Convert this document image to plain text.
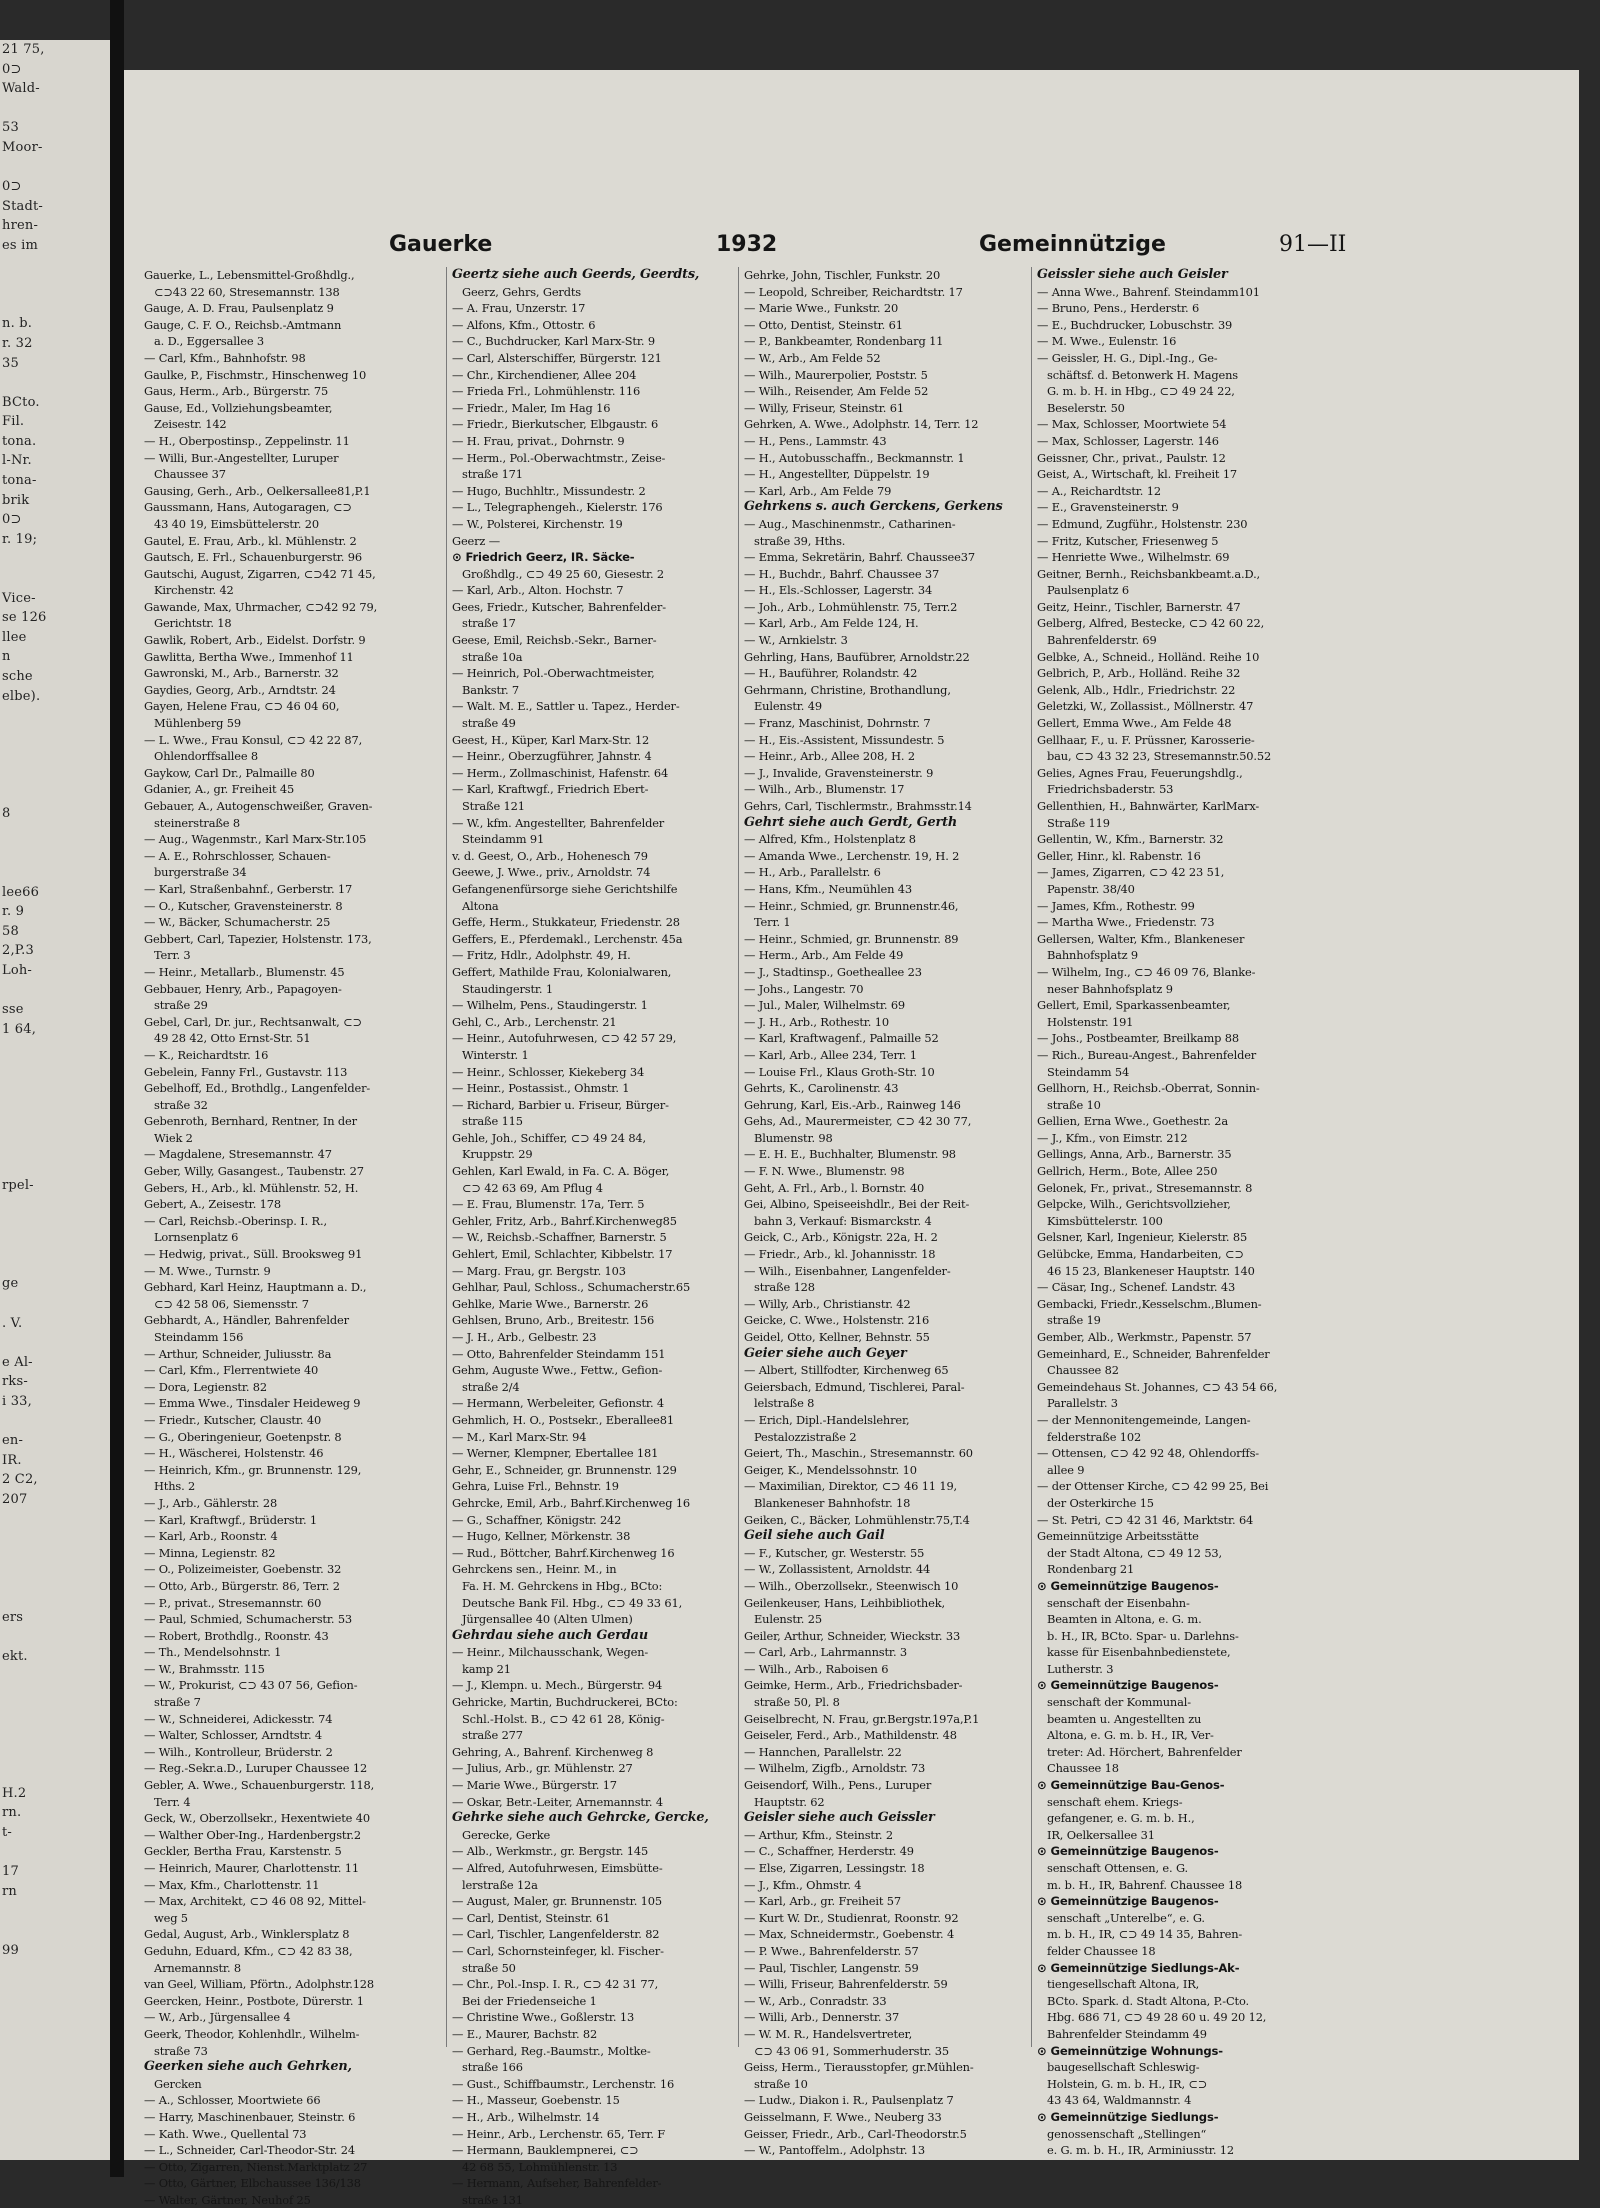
21 75,
0⊃
Wald-

53
Moor-

0⊃
Stadt-
hren-
es im

n. b.
r. 32
35

BCto.
Fil.
tona.
l-Nr.
tona-
brik
0⊃
r. 19;

Vice-
se 126
llee
n
sche
elbe).

8

lee66
r. 9
58
2,P.3
Loh-

sse
1 64,

rpel-

ge

. V.

e Al-
rks-
i 33,

en-
IR.
2 C2,
207

ers

ekt.

H.2
rn.
t-

17
rn

99
Gauerke	1932	Gemeinnützige	91—II
Gauerke, L., Lebensmittel-Großhdlg.,
⊂⊃43 22 60, Stresemannstr. 138
Gauge, A. D. Frau, Paulsenplatz 9
Gauge, C. F. O., Reichsb.-Amtmann
a. D., Eggersallee 3
— Carl, Kfm., Bahnhofstr. 98
Gaulke, P., Fischmstr., Hinschenweg 10
Gaus, Herm., Arb., Bürgerstr. 75
Gause, Ed., Vollziehungsbeamter,
Zeisestr. 142
— H., Oberpostinsp., Zeppelinstr. 11
— Willi, Bur.-Angestellter, Luruper
Chaussee 37
Gausing, Gerh., Arb., Oelkersallee81,P.1
Gaussmann, Hans, Autogaragen, ⊂⊃
43 40 19, Eimsbüttelerstr. 20
Gautel, E. Frau, Arb., kl. Mühlenstr. 2
Gautsch, E. Frl., Schauenburgerstr. 96
Gautschi, August, Zigarren, ⊂⊃42 71 45,
Kirchenstr. 42
Gawande, Max, Uhrmacher, ⊂⊃42 92 79,
Gerichtstr. 18
Gawlik, Robert, Arb., Eidelst. Dorfstr. 9
Gawlitta, Bertha Wwe., Immenhof 11
Gawronski, M., Arb., Barnerstr. 32
Gaydies, Georg, Arb., Arndtstr. 24
Gayen, Helene Frau, ⊂⊃ 46 04 60,
Mühlenberg 59
— L. Wwe., Frau Konsul, ⊂⊃ 42 22 87,
Ohlendorffsallee 8
Gaykow, Carl Dr., Palmaille 80
Gdanier, A., gr. Freiheit 45
Gebauer, A., Autogenschweißer, Graven-
steinerstraße 8
— Aug., Wagenmstr., Karl Marx-Str.105
— A. E., Rohrschlosser, Schauen-
burgerstraße 34
— Karl, Straßenbahnf., Gerberstr. 17
— O., Kutscher, Gravensteinerstr. 8
— W., Bäcker, Schumacherstr. 25
Gebbert, Carl, Tapezier, Holstenstr. 173,
Terr. 3
— Heinr., Metallarb., Blumenstr. 45
Gebbauer, Henry, Arb., Papagoyen-
straße 29
Gebel, Carl, Dr. jur., Rechtsanwalt, ⊂⊃
49 28 42, Otto Ernst-Str. 51
— K., Reichardtstr. 16
Gebelein, Fanny Frl., Gustavstr. 113
Gebelhoff, Ed., Brothdlg., Langenfelder-
straße 32
Gebenroth, Bernhard, Rentner, In der
Wiek 2
— Magdalene, Stresemannstr. 47
Geber, Willy, Gasangest., Taubenstr. 27
Gebers, H., Arb., kl. Mühlenstr. 52, H.
Gebert, A., Zeisestr. 178
— Carl, Reichsb.-Oberinsp. I. R.,
Lornsenplatz 6
— Hedwig, privat., Süll. Brooksweg 91
— M. Wwe., Turnstr. 9
Gebhard, Karl Heinz, Hauptmann a. D.,
⊂⊃ 42 58 06, Siemensstr. 7
Gebhardt, A., Händler, Bahrenfelder
Steindamm 156
— Arthur, Schneider, Juliusstr. 8a
— Carl, Kfm., Flerrentwiete 40
— Dora, Legienstr. 82
— Emma Wwe., Tinsdaler Heideweg 9
— Friedr., Kutscher, Claustr. 40
— G., Oberingenieur, Goetenpstr. 8
— H., Wäscherei, Holstenstr. 46
— Heinrich, Kfm., gr. Brunnenstr. 129,
Hths. 2
— J., Arb., Gählerstr. 28
— Karl, Kraftwgf., Brüderstr. 1
— Karl, Arb., Roonstr. 4
— Minna, Legienstr. 82
— O., Polizeimeister, Goebenstr. 32
— Otto, Arb., Bürgerstr. 86, Terr. 2
— P., privat., Stresemannstr. 60
— Paul, Schmied, Schumacherstr. 53
— Robert, Brothdlg., Roonstr. 43
— Th., Mendelsohnstr. 1
— W., Brahmsstr. 115
— W., Prokurist, ⊂⊃ 43 07 56, Gefion-
straße 7
— W., Schneiderei, Adickesstr. 74
— Walter, Schlosser, Arndtstr. 4
— Wilh., Kontrolleur, Brüderstr. 2
— Reg.-Sekr.a.D., Luruper Chaussee 12
Gebler, A. Wwe., Schauenburgerstr. 118,
Terr. 4
Geck, W., Oberzollsekr., Hexentwiete 40
— Walther Ober-Ing., Hardenbergstr.2
Geckler, Bertha Frau, Karstenstr. 5
— Heinrich, Maurer, Charlottenstr. 11
— Max, Kfm., Charlottenstr. 11
— Max, Architekt, ⊂⊃ 46 08 92, Mittel-
weg 5
Gedal, August, Arb., Winklersplatz 8
Geduhn, Eduard, Kfm., ⊂⊃ 42 83 38,
Arnemannstr. 8
van Geel, William, Pförtn., Adolphstr.128
Geercken, Heinr., Postbote, Dürerstr. 1
— W., Arb., Jürgensallee 4
Geerk, Theodor, Kohlenhdlr., Wilhelm-
straße 73
Geerken siehe auch Gehrken,
Gercken
— A., Schlosser, Moortwiete 66
— Harry, Maschinenbauer, Steinstr. 6
— Kath. Wwe., Quellental 73
— L., Schneider, Carl-Theodor-Str. 24
— Otto, Zigarren, Nienst.Marktplatz 27
— Otto, Gärtner, Elbchaussee 136/138
— Walter, Gärtner, Neuhof 25
Geertz siehe auch Geerds, Geerdts,
Geerz, Gehrs, Gerdts
— A. Frau, Unzerstr. 17
— Alfons, Kfm., Ottostr. 6
— C., Buchdrucker, Karl Marx-Str. 9
— Carl, Alsterschiffer, Bürgerstr. 121
— Chr., Kirchendiener, Allee 204
— Frieda Frl., Lohmühlenstr. 116
— Friedr., Maler, Im Hag 16
— Friedr., Bierkutscher, Elbgaustr. 6
— H. Frau, privat., Dohrnstr. 9
— Herm., Pol.-Oberwachtmstr., Zeise-
straße 171
— Hugo, Buchhltr., Missundestr. 2
— L., Telegraphengeh., Kielerstr. 176
— W., Polsterei, Kirchenstr. 19
Geerz —
⊙ Friedrich Geerz, IR. Säcke-
Großhdlg., ⊂⊃ 49 25 60, Giesestr. 2
— Karl, Arb., Alton. Hochstr. 7
Gees, Friedr., Kutscher, Bahrenfelder-
straße 17
Geese, Emil, Reichsb.-Sekr., Barner-
straße 10a
— Heinrich, Pol.-Oberwachtmeister,
Bankstr. 7
— Walt. M. E., Sattler u. Tapez., Herder-
straße 49
Geest, H., Küper, Karl Marx-Str. 12
— Heinr., Oberzugführer, Jahnstr. 4
— Herm., Zollmaschinist, Hafenstr. 64
— Karl, Kraftwgf., Friedrich Ebert-
Straße 121
— W., kfm. Angestellter, Bahrenfelder
Steindamm 91
v. d. Geest, O., Arb., Hohenesch 79
Geewe, J. Wwe., priv., Arnoldstr. 74
Gefangenenfürsorge siehe Gerichtshilfe
Altona
Geffe, Herm., Stukkateur, Friedenstr. 28
Geffers, E., Pferdemakl., Lerchenstr. 45a
— Fritz, Hdlr., Adolphstr. 49, H.
Geffert, Mathilde Frau, Kolonialwaren,
Staudingerstr. 1
— Wilhelm, Pens., Staudingerstr. 1
Gehl, C., Arb., Lerchenstr. 21
— Heinr., Autofuhrwesen, ⊂⊃ 42 57 29,
Winterstr. 1
— Heinr., Schlosser, Kiekeberg 34
— Heinr., Postassist., Ohmstr. 1
— Richard, Barbier u. Friseur, Bürger-
straße 115
Gehle, Joh., Schiffer, ⊂⊃ 49 24 84,
Kruppstr. 29
Gehlen, Karl Ewald, in Fa. C. A. Böger,
⊂⊃ 42 63 69, Am Pflug 4
— E. Frau, Blumenstr. 17a, Terr. 5
Gehler, Fritz, Arb., Bahrf.Kirchenweg85
— W., Reichsb.-Schaffner, Barnerstr. 5
Gehlert, Emil, Schlachter, Kibbelstr. 17
— Marg. Frau, gr. Bergstr. 103
Gehlhar, Paul, Schloss., Schumacherstr.65
Gehlke, Marie Wwe., Barnerstr. 26
Gehlsen, Bruno, Arb., Breitestr. 156
— J. H., Arb., Gelbestr. 23
— Otto, Bahrenfelder Steindamm 151
Gehm, Auguste Wwe., Fettw., Gefion-
straße 2/4
— Hermann, Werbeleiter, Gefionstr. 4
Gehmlich, H. O., Postsekr., Eberalleе81
— M., Karl Marx-Str. 94
— Werner, Klempner, Ebertallee 181
Gehr, E., Schneider, gr. Brunnenstr. 129
Gehra, Luise Frl., Behnstr. 19
Gehrcke, Emil, Arb., Bahrf.Kirchenweg 16
— G., Schaffner, Königstr. 242
— Hugo, Kellner, Mörkenstr. 38
— Rud., Böttcher, Bahrf.Kirchenweg 16
Gehrckens sen., Heinr. M., in
Fa. H. M. Gehrckens in Hbg., BCto:
Deutsche Bank Fil. Hbg., ⊂⊃ 49 33 61,
Jürgensallee 40 (Alten Ulmen)
Gehrdau siehe auch Gerdau
— Heinr., Milchausschank, Wegen-
kamp 21
— J., Klempn. u. Mech., Bürgerstr. 94
Gehricke, Martin, Buchdruckerei, BCto:
Schl.-Holst. B., ⊂⊃ 42 61 28, König-
straße 277
Gehring, A., Bahrenf. Kirchenweg 8
— Julius, Arb., gr. Mühlenstr. 27
— Marie Wwe., Bürgerstr. 17
— Oskar, Betr.-Leiter, Arnemannstr. 4
Gehrke siehe auch Gehrcke, Gercke,
Gerecke, Gerke
— Alb., Werkmstr., gr. Bergstr. 145
— Alfred, Autofuhrwesen, Eimsbütte-
lerstraße 12a
— August, Maler, gr. Brunnenstr. 105
— Carl, Dentist, Steinstr. 61
— Carl, Tischler, Langenfelderstr. 82
— Carl, Schornsteinfeger, kl. Fischer-
straße 50
— Chr., Pol.-Insp. I. R., ⊂⊃ 42 31 77,
Bei der Friedenseiche 1
— Christine Wwe., Goßlerstr. 13
— E., Maurer, Bachstr. 82
— Gerhard, Reg.-Baumstr., Moltke-
straße 166
— Gust., Schiffbaumstr., Lerchenstr. 16
— H., Masseur, Goebenstr. 15
— H., Arb., Wilhelmstr. 14
— Heinr., Arb., Lerchenstr. 65, Terr. F
— Hermann, Bauklempnerei, ⊂⊃
42 68 55, Lohmühlenstr. 13
— Hermann, Aufseher, Bahrenfelder-
straße 131
Gehrke, John, Tischler, Funkstr. 20
— Leopold, Schreiber, Reichardtstr. 17
— Marie Wwe., Funkstr. 20
— Otto, Dentist, Steinstr. 61
— P., Bankbeamter, Rondenbarg 11
— W., Arb., Am Felde 52
— Wilh., Maurerpolier, Poststr. 5
— Wilh., Reisender, Am Felde 52
— Willy, Friseur, Steinstr. 61
Gehrken, A. Wwe., Adolphstr. 14, Terr. 12
— H., Pens., Lammstr. 43
— H., Autobusschaffn., Beckmannstr. 1
— H., Angestellter, Düppelstr. 19
— Karl, Arb., Am Felde 79
Gehrkens s. auch Gerckens, Gerkens
— Aug., Maschinenmstr., Catharinen-
straße 39, Hths.
— Emma, Sekretärin, Bahrf. Chaussee37
— H., Buchdr., Bahrf. Chaussee 37
— H., Els.-Schlosser, Lagerstr. 34
— Joh., Arb., Lohmühlenstr. 75, Terr.2
— Karl, Arb., Am Felde 124, H.
— W., Arnkielstr. 3
Gehrling, Hans, Baufübrer, Arnoldstr.22
— H., Bauführer, Rolandstr. 42
Gehrmann, Christine, Brothandlung,
Eulenstr. 49
— Franz, Maschinist, Dohrnstr. 7
— H., Eis.-Assistent, Missundestr. 5
— Heinr., Arb., Allee 208, H. 2
— J., Invalide, Gravensteinerstr. 9
— Wilh., Arb., Blumenstr. 17
Gehrs, Carl, Tischlermstr., Brahmsstr.14
Gehrt siehe auch Gerdt, Gerth
— Alfred, Kfm., Holstenplatz 8
— Amanda Wwe., Lerchenstr. 19, H. 2
— H., Arb., Parallelstr. 6
— Hans, Kfm., Neumühlen 43
— Heinr., Schmied, gr. Brunnenstr.46,
Terr. 1
— Heinr., Schmied, gr. Brunnenstr. 89
— Herm., Arb., Am Felde 49
— J., Stadtinsp., Goetheallee 23
— Johs., Langestr. 70
— Jul., Maler, Wilhelmstr. 69
— J. H., Arb., Rothestr. 10
— Karl, Kraftwagenf., Palmaille 52
— Karl, Arb., Allee 234, Terr. 1
— Louise Frl., Klaus Groth-Str. 10
Gehrts, K., Carolinenstr. 43
Gehrung, Karl, Eis.-Arb., Rainweg 146
Gehs, Ad., Maurermeister, ⊂⊃ 42 30 77,
Blumenstr. 98
— E. H. E., Buchhalter, Blumenstr. 98
— F. N. Wwe., Blumenstr. 98
Geht, A. Frl., Arb., l. Bornstr. 40
Gei, Albino, Speiseeishdlr., Bei der Reit-
bahn 3, Verkauf: Bismarckstr. 4
Geick, C., Arb., Königstr. 22a, H. 2
— Friedr., Arb., kl. Johannisstr. 18
— Wilh., Eisenbahner, Langenfelder-
straße 128
— Willy, Arb., Christianstr. 42
Geicke, C. Wwe., Holstenstr. 216
Geidel, Otto, Kellner, Behnstr. 55
Geier siehe auch Geyer
— Albert, Stillfodter, Kirchenweg 65
Geiersbach, Edmund, Tischlerei, Paral-
lelstraße 8
— Erich, Dipl.-Handelslehrer,
Pestalozzistraße 2
Geiert, Th., Maschin., Stresemannstr. 60
Geiger, K., Mendelssohnstr. 10
— Maximilian, Direktor, ⊂⊃ 46 11 19,
Blankeneser Bahnhofstr. 18
Geiken, C., Bäcker, Lohmühlenstr.75,T.4
Geil siehe auch Gail
— F., Kutscher, gr. Westerstr. 55
— W., Zollassistent, Arnoldstr. 44
— Wilh., Oberzollsekr., Steenwisch 10
Geilenkeuser, Hans, Leihbibliothek,
Eulenstr. 25
Geiler, Arthur, Schneider, Wieckstr. 33
— Carl, Arb., Lahrmannstr. 3
— Wilh., Arb., Raboisen 6
Geimke, Herm., Arb., Friedrichsbader-
straße 50, Pl. 8
Geiselbrecht, N. Frau, gr.Bergstr.197a,P.1
Geiseler, Ferd., Arb., Mathildenstr. 48
— Hannchen, Parallelstr. 22
— Wilhelm, Zigfb., Arnoldstr. 73
Geisendorf, Wilh., Pens., Luruper
Hauptstr. 62
Geisler siehe auch Geissler
— Arthur, Kfm., Steinstr. 2
— C., Schaffner, Herderstr. 49
— Else, Zigarren, Lessingstr. 18
— J., Kfm., Ohmstr. 4
— Karl, Arb., gr. Freiheit 57
— Kurt W. Dr., Studienrat, Roonstr. 92
— Max, Schneidermstr., Goebenstr. 4
— P. Wwe., Bahrenfelderstr. 57
— Paul, Tischler, Langenstr. 59
— Willi, Friseur, Bahrenfelderstr. 59
— W., Arb., Conradstr. 33
— Willi, Arb., Dennerstr. 37
— W. M. R., Handelsvertreter,
⊂⊃ 43 06 91, Sommerhuderstr. 35
Geiss, Herm., Tierausstopfer, gr.Mühlen-
straße 10
— Ludw., Diakon i. R., Paulsenplatz 7
Geisselmann, F. Wwe., Neuberg 33
Geisser, Friedr., Arb., Carl-Theodorstr.5
— W., Pantoffelm., Adolphstr. 13
Geissler siehe auch Geisler
— Anna Wwe., Bahrenf. Steindamm101
— Bruno, Pens., Herderstr. 6
— E., Buchdrucker, Lobuschstr. 39
— M. Wwe., Eulenstr. 16
— Geissler, H. G., Dipl.-Ing., Ge-
schäftsf. d. Betonwerk H. Magens
G. m. b. H. in Hbg., ⊂⊃ 49 24 22,
Beselerstr. 50
— Max, Schlosser, Moortwiete 54
— Max, Schlosser, Lagerstr. 146
Geissner, Chr., privat., Paulstr. 12
Geist, A., Wirtschaft, kl. Freiheit 17
— A., Reichardtstr. 12
— E., Gravensteinerstr. 9
— Edmund, Zugführ., Holstenstr. 230
— Fritz, Kutscher, Friesenweg 5
— Henriette Wwe., Wilhelmstr. 69
Geitner, Bernh., Reichsbankbeamt.a.D.,
Paulsenplatz 6
Geitz, Heinr., Tischler, Barnerstr. 47
Gelberg, Alfred, Bestecke, ⊂⊃ 42 60 22,
Bahrenfelderstr. 69
Gelbke, A., Schneid., Holländ. Reihe 10
Gelbrich, P., Arb., Holländ. Reihe 32
Gelenk, Alb., Hdlr., Friedrichstr. 22
Geletzki, W., Zollassist., Möllnerstr. 47
Gellert, Emma Wwe., Am Felde 48
Gellhaar, F., u. F. Prüssner, Karosserie-
bau, ⊂⊃ 43 32 23, Stresemannstr.50.52
Gelies, Agnes Frau, Feuerungshdlg.,
Friedrichsbaderstr. 53
Gellenthien, H., Bahnwärter, KarlMarx-
Straße 119
Gellentin, W., Kfm., Barnerstr. 32
Geller, Hinr., kl. Rabenstr. 16
— James, Zigarren, ⊂⊃ 42 23 51,
Papenstr. 38/40
— James, Kfm., Rothestr. 99
— Martha Wwe., Friedenstr. 73
Gellersen, Walter, Kfm., Blankeneser
Bahnhofsplatz 9
— Wilhelm, Ing., ⊂⊃ 46 09 76, Blanke-
neser Bahnhofsplatz 9
Gellert, Emil, Sparkassenbeamter,
Holstenstr. 191
— Johs., Postbeamter, Breilkamp 88
— Rich., Bureau-Angest., Bahrenfelder
Steindamm 54
Gellhorn, H., Reichsb.-Oberrat, Sonnin-
straße 10
Gellien, Erna Wwe., Goethestr. 2a
— J., Kfm., von Eimstr. 212
Gellings, Anna, Arb., Barnerstr. 35
Gellrich, Herm., Bote, Allee 250
Gelonek, Fr., privat., Stresemannstr. 8
Gelpcke, Wilh., Gerichtsvollzieher,
Kimsbüttelerstr. 100
Gelsner, Karl, Ingenieur, Kielerstr. 85
Gelübcke, Emma, Handarbeiten, ⊂⊃
46 15 23, Blankeneser Hauptstr. 140
— Cäsar, Ing., Schenef. Landstr. 43
Gembacki, Friedr.,Kesselschm.,Blumen-
straße 19
Gember, Alb., Werkmstr., Papenstr. 57
Gemeinhard, E., Schneider, Bahrenfelder
Chaussee 82
Gemeindehaus St. Johannes, ⊂⊃ 43 54 66,
Parallelstr. 3
— der Mennonitengemeinde, Langen-
felderstraße 102
— Ottensen, ⊂⊃ 42 92 48, Ohlendorffs-
allee 9
— der Ottenser Kirche, ⊂⊃ 42 99 25, Bei
der Osterkirche 15
— St. Petri, ⊂⊃ 42 31 46, Marktstr. 64
Gemeinnützige Arbeitsstätte
der Stadt Altona, ⊂⊃ 49 12 53,
Rondenbarg 21
⊙ Gemeinnützige Baugenos-
senschaft der Eisenbahn-
Beamten in Altona, e. G. m.
b. H., IR, BCto. Spar- u. Darlehns-
kasse für Eisenbahnbedienstete,
Lutherstr. 3
⊙ Gemeinnützige Baugenos-
senschaft der Kommunal-
beamten u. Angestellten zu
Altona, e. G. m. b. H., IR, Ver-
treter: Ad. Hörchert, Bahrenfelder
Chaussee 18
⊙ Gemeinnützige Bau-Genos-
senschaft ehem. Kriegs-
gefangener, e. G. m. b. H.,
IR, Oelkersallee 31
⊙ Gemeinnützige Baugenos-
senschaft Ottensen, e. G.
m. b. H., IR, Bahrenf. Chaussee 18
⊙ Gemeinnützige Baugenos-
senschaft „Unterelbe“, e. G.
m. b. H., IR, ⊂⊃ 49 14 35, Bahren-
felder Chaussee 18
⊙ Gemeinnützige Siedlungs-Ak-
tiengesellschaft Altona, IR,
BCto. Spark. d. Stadt Altona, P.-Cto.
Hbg. 686 71, ⊂⊃ 49 28 60 u. 49 20 12,
Bahrenfelder Steindamm 49
⊙ Gemeinnützige Wohnungs-
baugesellschaft Schleswig-
Holstein, G. m. b. H., IR, ⊂⊃
43 43 64, Waldmannstr. 4
⊙ Gemeinnützige Siedlungs-
genossenschaft „Stellingen“
e. G. m. b. H., IR, Arminiusstr. 12
